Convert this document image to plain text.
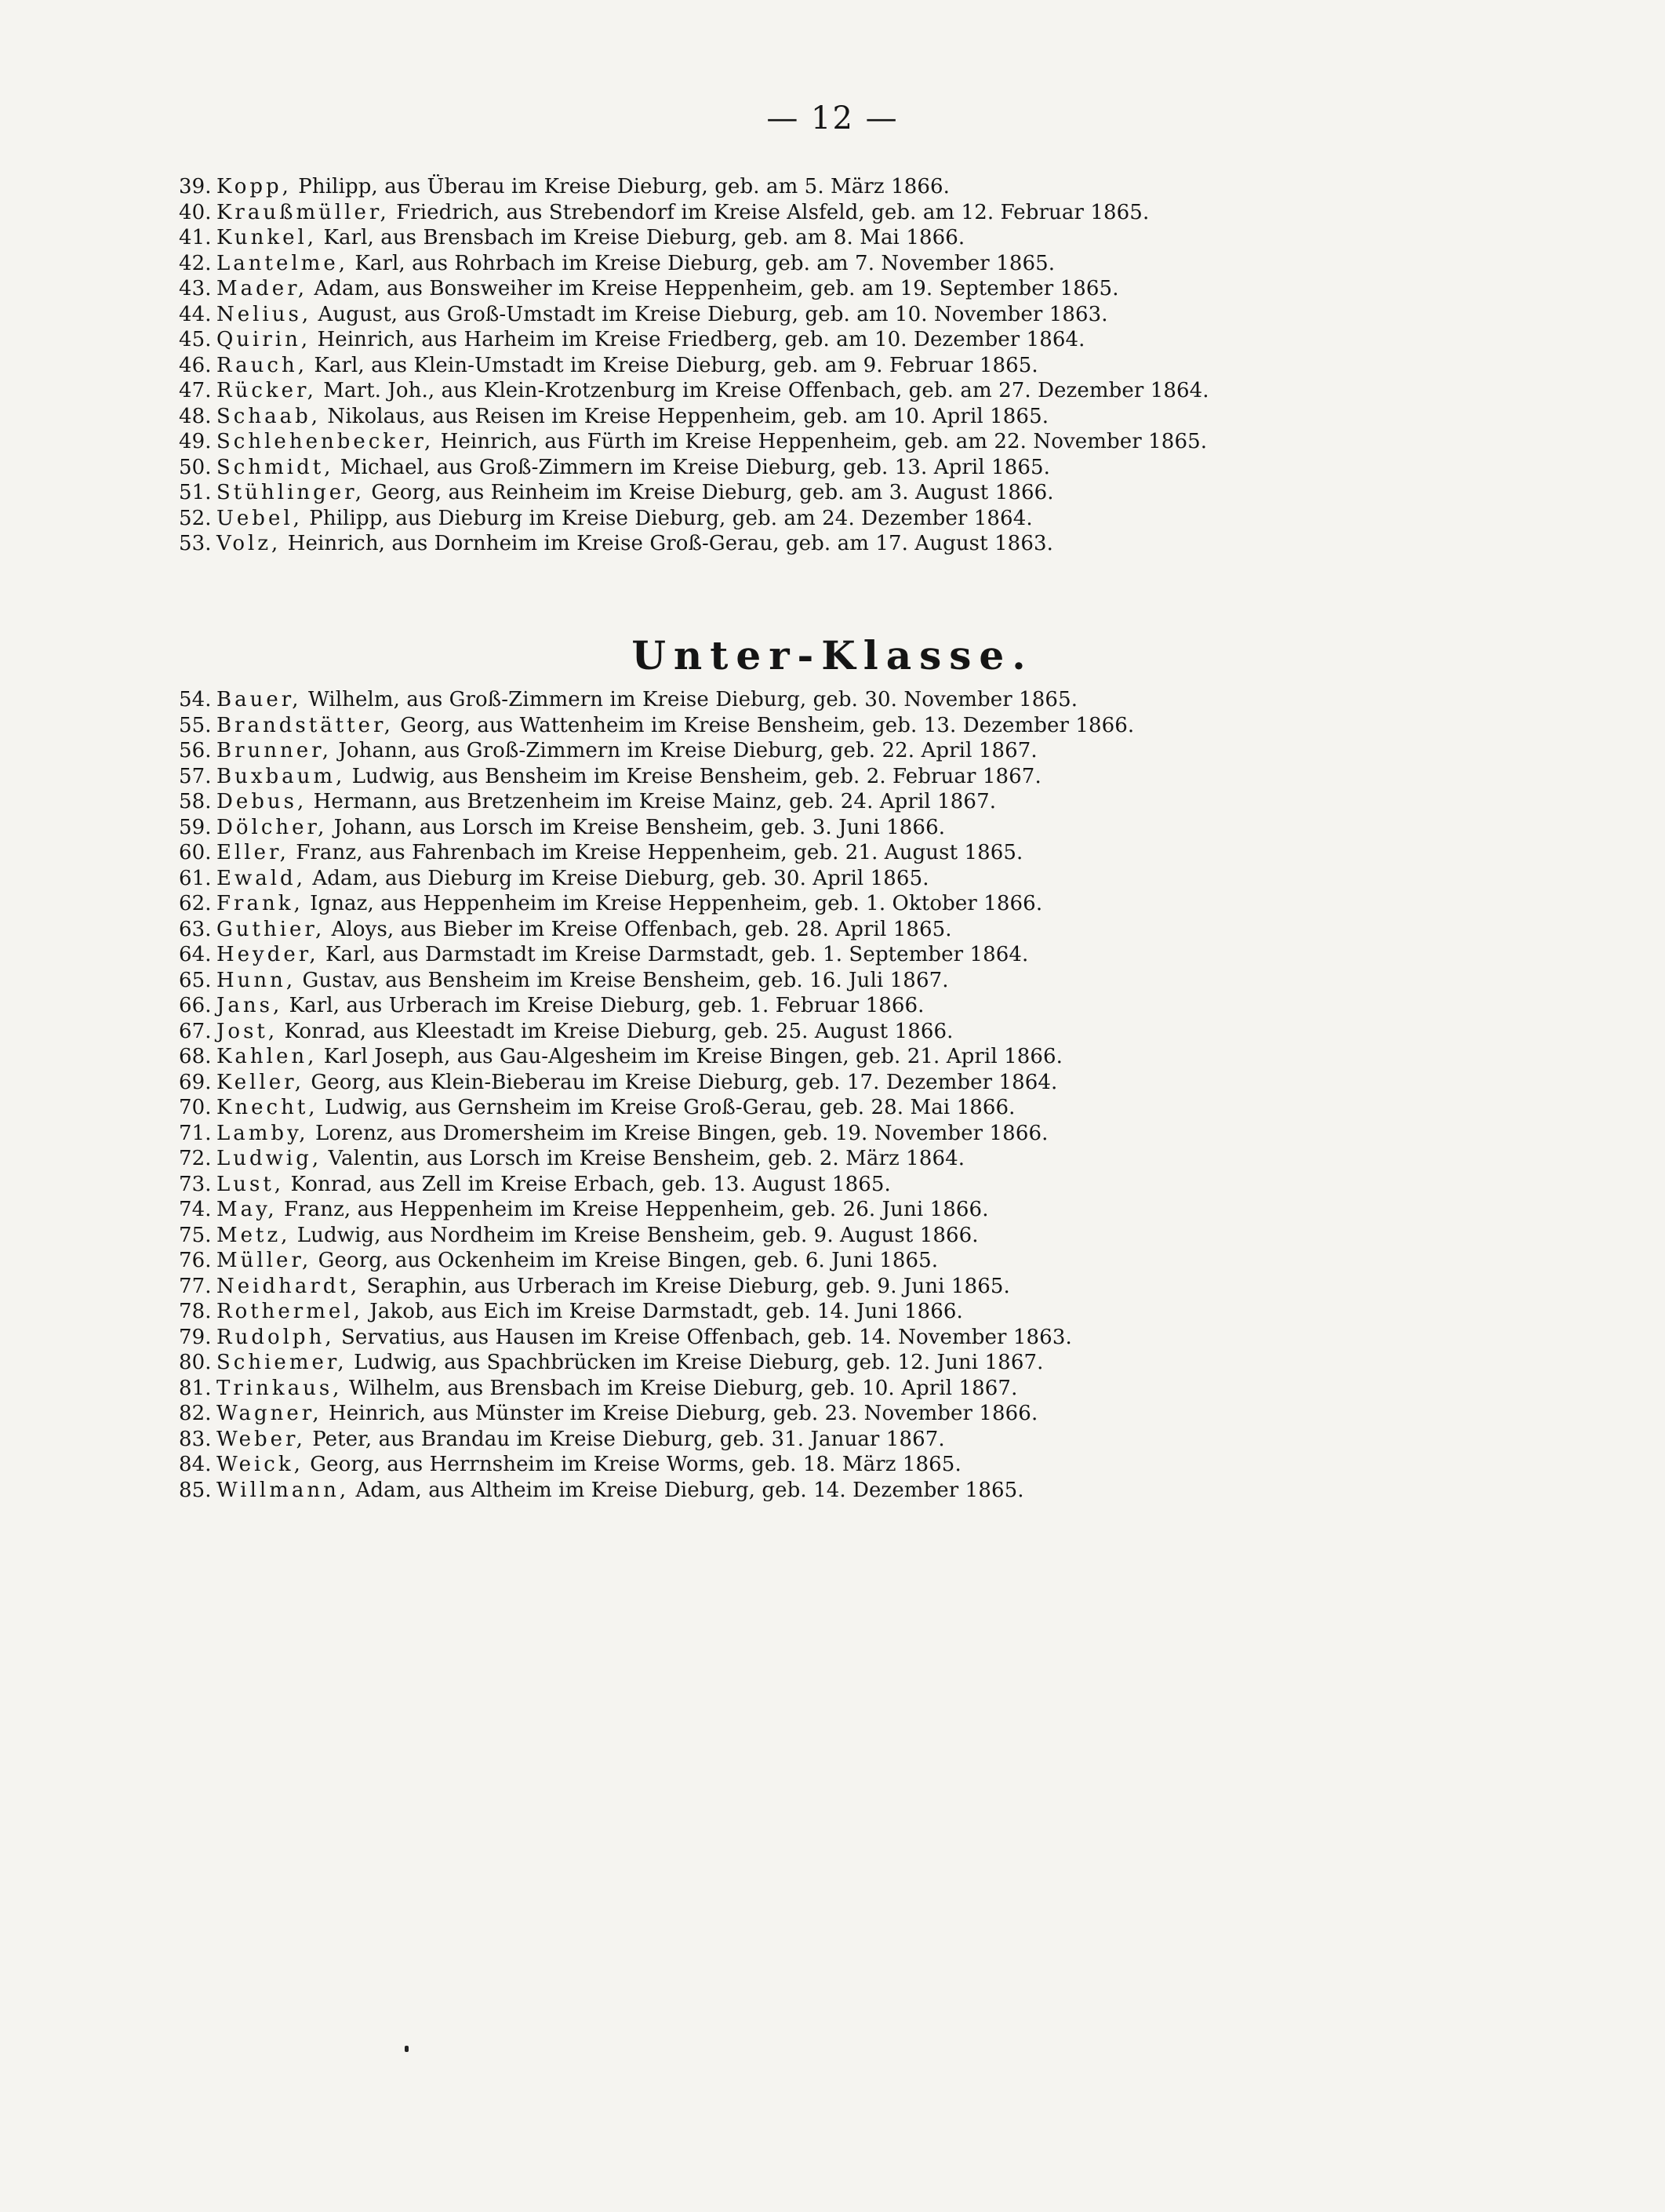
— 12 —
39. Kopp, Philipp, aus Überau im Kreise Dieburg, geb. am 5. März 1866.
40. Kraußmüller, Friedrich, aus Strebendorf im Kreise Alsfeld, geb. am 12. Februar 1865.
41. Kunkel, Karl, aus Brensbach im Kreise Dieburg, geb. am 8. Mai 1866.
42. Lantelme, Karl, aus Rohrbach im Kreise Dieburg, geb. am 7. November 1865.
43. Mader, Adam, aus Bonsweiher im Kreise Heppenheim, geb. am 19. September 1865.
44. Nelius, August, aus Groß-Umstadt im Kreise Dieburg, geb. am 10. November 1863.
45. Quirin, Heinrich, aus Harheim im Kreise Friedberg, geb. am 10. Dezember 1864.
46. Rauch, Karl, aus Klein-Umstadt im Kreise Dieburg, geb. am 9. Februar 1865.
47. Rücker, Mart. Joh., aus Klein-Krotzenburg im Kreise Offenbach, geb. am 27. Dezember 1864.
48. Schaab, Nikolaus, aus Reisen im Kreise Heppenheim, geb. am 10. April 1865.
49. Schlehenbecker, Heinrich, aus Fürth im Kreise Heppenheim, geb. am 22. November 1865.
50. Schmidt, Michael, aus Groß-Zimmern im Kreise Dieburg, geb. 13. April 1865.
51. Stühlinger, Georg, aus Reinheim im Kreise Dieburg, geb. am 3. August 1866.
52. Uebel, Philipp, aus Dieburg im Kreise Dieburg, geb. am 24. Dezember 1864.
53. Volz, Heinrich, aus Dornheim im Kreise Groß-Gerau, geb. am 17. August 1863.
Unter-Klasse.
54. Bauer, Wilhelm, aus Groß-Zimmern im Kreise Dieburg, geb. 30. November 1865.
55. Brandstätter, Georg, aus Wattenheim im Kreise Bensheim, geb. 13. Dezember 1866.
56. Brunner, Johann, aus Groß-Zimmern im Kreise Dieburg, geb. 22. April 1867.
57. Buxbaum, Ludwig, aus Bensheim im Kreise Bensheim, geb. 2. Februar 1867.
58. Debus, Hermann, aus Bretzenheim im Kreise Mainz, geb. 24. April 1867.
59. Dölcher, Johann, aus Lorsch im Kreise Bensheim, geb. 3. Juni 1866.
60. Eller, Franz, aus Fahrenbach im Kreise Heppenheim, geb. 21. August 1865.
61. Ewald, Adam, aus Dieburg im Kreise Dieburg, geb. 30. April 1865.
62. Frank, Ignaz, aus Heppenheim im Kreise Heppenheim, geb. 1. Oktober 1866.
63. Guthier, Aloys, aus Bieber im Kreise Offenbach, geb. 28. April 1865.
64. Heyder, Karl, aus Darmstadt im Kreise Darmstadt, geb. 1. September 1864.
65. Hunn, Gustav, aus Bensheim im Kreise Bensheim, geb. 16. Juli 1867.
66. Jans, Karl, aus Urberach im Kreise Dieburg, geb. 1. Februar 1866.
67. Jost, Konrad, aus Kleestadt im Kreise Dieburg, geb. 25. August 1866.
68. Kahlen, Karl Joseph, aus Gau-Algesheim im Kreise Bingen, geb. 21. April 1866.
69. Keller, Georg, aus Klein-Bieberau im Kreise Dieburg, geb. 17. Dezember 1864.
70. Knecht, Ludwig, aus Gernsheim im Kreise Groß-Gerau, geb. 28. Mai 1866.
71. Lamby, Lorenz, aus Dromersheim im Kreise Bingen, geb. 19. November 1866.
72. Ludwig, Valentin, aus Lorsch im Kreise Bensheim, geb. 2. März 1864.
73. Lust, Konrad, aus Zell im Kreise Erbach, geb. 13. August 1865.
74. May, Franz, aus Heppenheim im Kreise Heppenheim, geb. 26. Juni 1866.
75. Metz, Ludwig, aus Nordheim im Kreise Bensheim, geb. 9. August 1866.
76. Müller, Georg, aus Ockenheim im Kreise Bingen, geb. 6. Juni 1865.
77. Neidhardt, Seraphin, aus Urberach im Kreise Dieburg, geb. 9. Juni 1865.
78. Rothermel, Jakob, aus Eich im Kreise Darmstadt, geb. 14. Juni 1866.
79. Rudolph, Servatius, aus Hausen im Kreise Offenbach, geb. 14. November 1863.
80. Schiemer, Ludwig, aus Spachbrücken im Kreise Dieburg, geb. 12. Juni 1867.
81. Trinkaus, Wilhelm, aus Brensbach im Kreise Dieburg, geb. 10. April 1867.
82. Wagner, Heinrich, aus Münster im Kreise Dieburg, geb. 23. November 1866.
83. Weber, Peter, aus Brandau im Kreise Dieburg, geb. 31. Januar 1867.
84. Weick, Georg, aus Herrnsheim im Kreise Worms, geb. 18. März 1865.
85. Willmann, Adam, aus Altheim im Kreise Dieburg, geb. 14. Dezember 1865.
